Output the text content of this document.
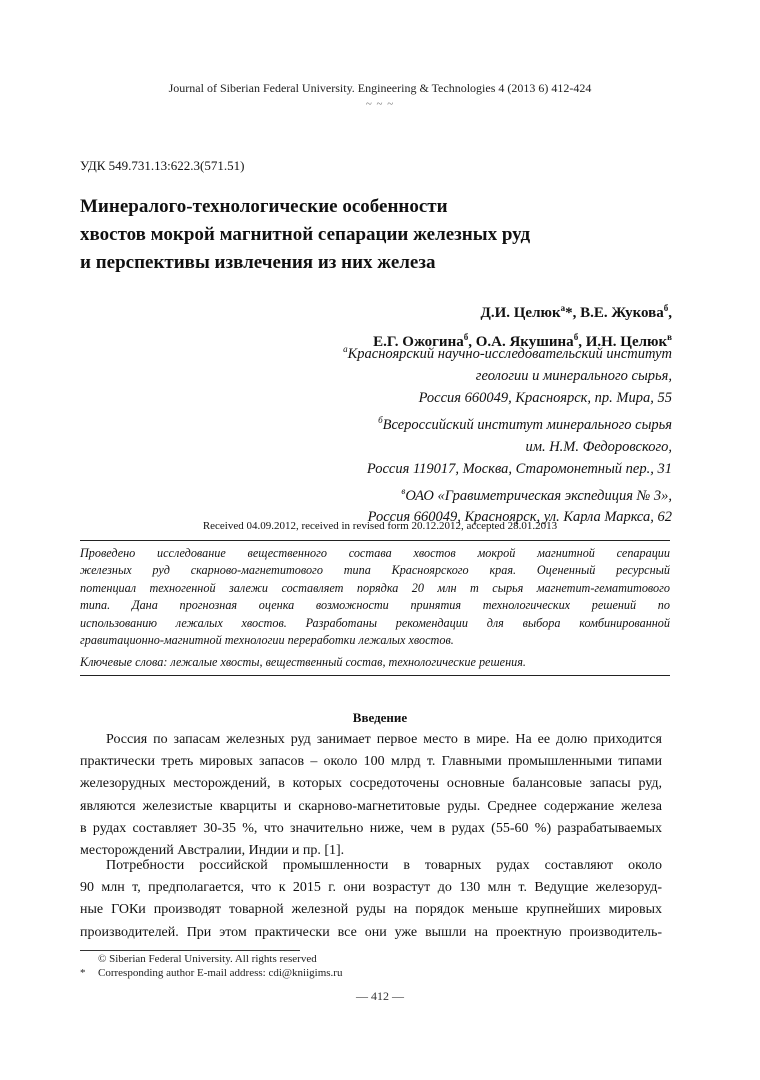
Journal of Siberian Federal University. Engineering & Technologies 4 (2013 6) 412-424
~ ~ ~
УДК 549.731.13:622.3(571.51)
Минералого-технологические особенности
хвостов мокрой магнитной сепарации железных руд
и перспективы извлечения из них железа
Д.И. Целюк$^а$*, В.Е. Жукова$^б$,
Е.Г. Ожогина$^б$, О.А. Якушина$^б$, И.Н. Целюк$^в$
$^а$Красноярский научно-исследовательский институт
геологии и минерального сырья,
Россия 660049, Красноярск, пр. Мира, 55
$^б$Всероссийский институт минерального сырья
им. Н.М. Федоровского,
Россия 119017, Москва, Старомонетный пер., 31
$^в$ОАО «Гравиметрическая экспедиция № 3»,
Россия 660049, Красноярск, ул. Карла Маркса, 62
Received 04.09.2012, received in revised form 20.12.2012, accepted 28.01.2013
Проведено исследование вещественного состава хвостов мокрой магнитной сепарации
железных руд скарново-магнетитового типа Красноярского края. Оцененный ресурсный
потенциал техногенной залежи составляет порядка 20 млн т сырья магнетит-гематитового
типа. Дана прогнозная оценка возможности принятия технологических решений по
использованию лежалых хвостов. Разработаны рекомендации для выбора комбинированной
гравитационно-магнитной технологии переработки лежалых хвостов.
Ключевые слова: лежалые хвосты, вещественный состав, технологические решения.
Введение
Россия по запасам железных руд занимает первое место в мире. На ее долю приходится
практически треть мировых запасов – около 100 млрд т. Главными промышленными типами
железорудных месторождений, в которых сосредоточены основные балансовые запасы руд,
являются железистые кварциты и скарново-магнетитовые руды. Среднее содержание железа
в рудах составляет 30-35 %, что значительно ниже, чем в рудах (55-60 %) разрабатываемых
месторождений Австралии, Индии и пр. [1].
Потребности российской промышленности в товарных рудах составляют около
90 млн т, предполагается, что к 2015 г. они возрастут до 130 млн т. Ведущие железоруд-
ные ГОКи производят товарной железной руды на порядок меньше крупнейших мировых
производителей. При этом практически все они уже вышли на проектную производитель-
© Siberian Federal University. All rights reserved
* Corresponding author E-mail address: cdi@kniigims.ru
— 412 —
